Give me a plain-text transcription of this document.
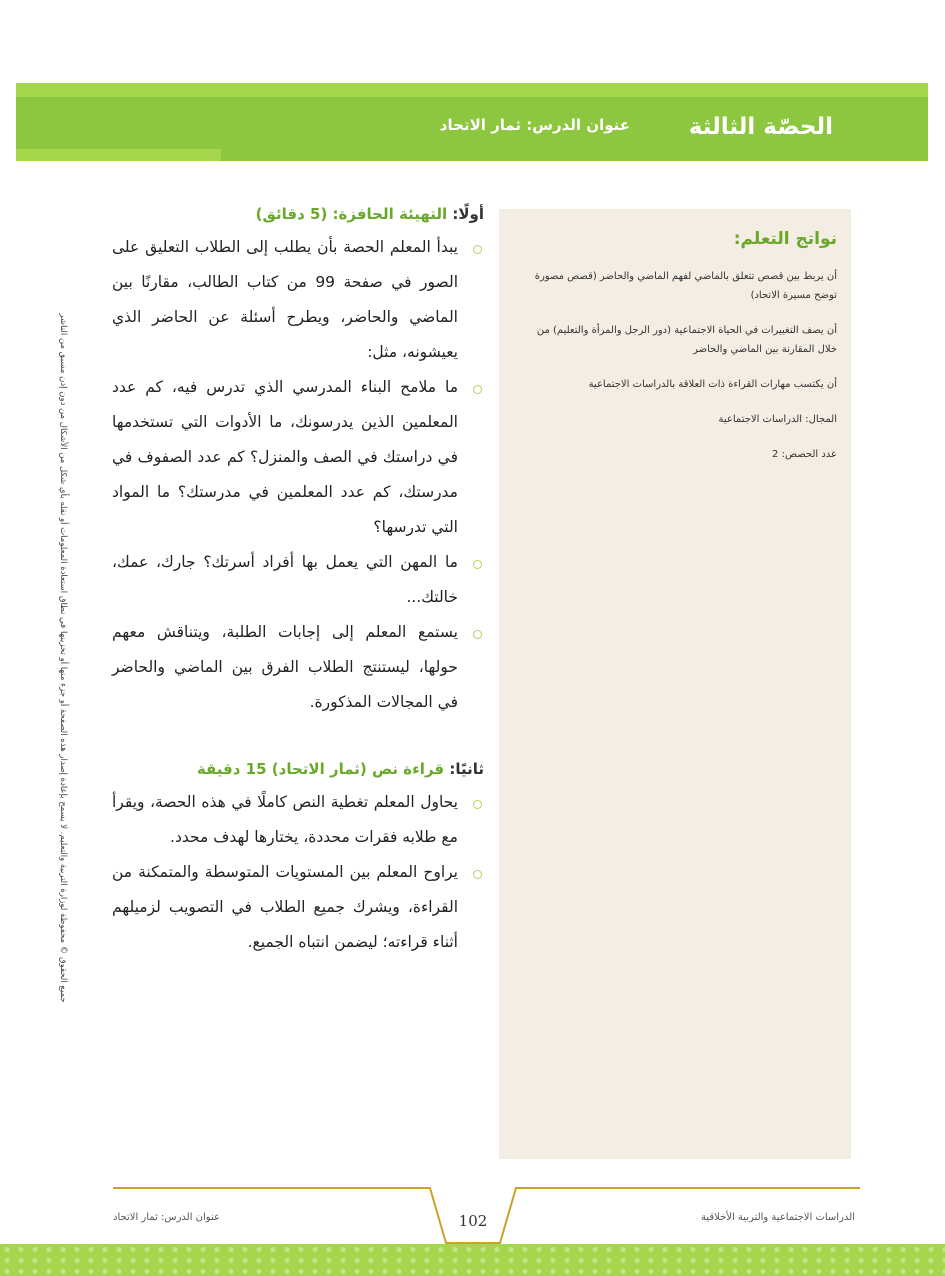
الحصّة الثالثة
عنوان الدرس: ثمار الاتحاد
جميع الحقوق © محفوظة لوزارة التربية والتعليم. لا يسمح بإعادة إصدار هذه الصفحة أو جزء منها أو تخزينها في نطاق استعادة المعلومات أو نقله بأي شكل من الأشكال من دون إذن مسبق من الناشر
نواتج التعلم:
أن يربط بين قصص تتعلق بالماضي لفهم الماضي والحاضر (قصص مصورة توضح مسيرة الاتحاد)
أن يصف التغييرات في الحياة الاجتماعية (دور الرجل والمرأة والتعليم) من خلال المقارنة بين الماضي والحاضر
أن يكتسب مهارات القراءة ذات العلاقة بالدراسات الاجتماعية
المجال: الدراسات الاجتماعية
عدد الحصص: 2
أولًا: التهيئة الحافزة: (5 دقائق)
يبدأ المعلم الحصة بأن يطلب إلى الطلاب التعليق على الصور في صفحة 99 من كتاب الطالب، مقارنًا بين الماضي والحاضر، ويطرح أسئلة عن الحاضر الذي يعيشونه، مثل:
ما ملامح البناء المدرسي الذي تدرس فيه، كم عدد المعلمين الذين يدرسونك، ما الأدوات التي تستخدمها في دراستك في الصف والمنزل؟ كم عدد الصفوف في مدرستك، كم عدد المعلمين في مدرستك؟ ما المواد التي تدرسها؟
ما المهن التي يعمل بها أفراد أسرتك؟ جارك، عمك، خالتك...
يستمع المعلم إلى إجابات الطلبة، ويتناقش معهم حولها، ليستنتج الطلاب الفرق بين الماضي والحاضر في المجالات المذكورة.
ثانيًا: قراءة نص (ثمار الاتحاد) 15 دقيقة
يحاول المعلم تغطية النص كاملًا في هذه الحصة، ويقرأ مع طلابه فقرات محددة، يختارها لهدف محدد.
يراوح المعلم بين المستويات المتوسطة والمتمكنة من القراءة، ويشرك جميع الطلاب في التصويب لزميلهم أثناء قراءته؛ ليضمن انتباه الجميع.
عنوان الدرس: ثمار الاتحاد	102	الدراسات الاجتماعية والتربية الأخلاقية
